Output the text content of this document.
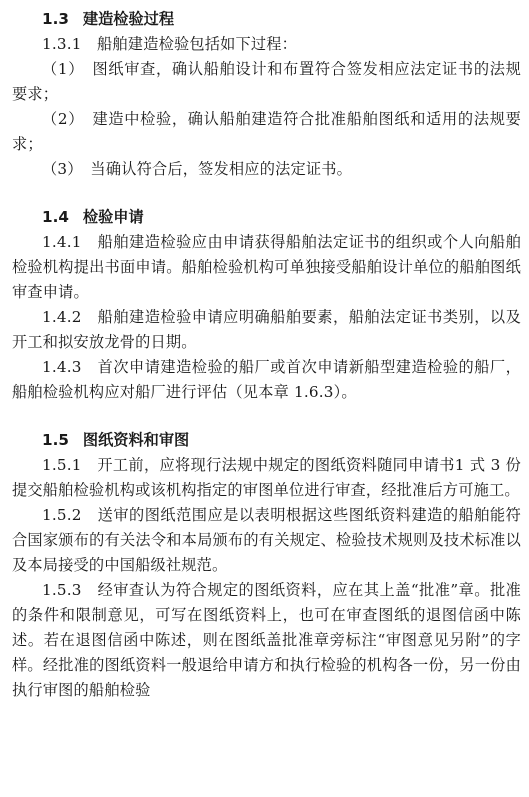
1.3 建造检验过程

1.3.1　船舶建造检验包括如下过程：

（1）　图纸审查，确认船舶设计和布置符合签发相应法定证书的法规要求；

（2）　建造中检验，确认船舶建造符合批准船舶图纸和适用的法规要求；

（3）　当确认符合后，签发相应的法定证书。

1.4 检验申请

1.4.1　船舶建造检验应由申请获得船舶法定证书的组织或个人向船舶检验机构提出书面申请。船舶检验机构可单独接受船舶设计单位的船舶图纸审查申请。

1.4.2　船舶建造检验申请应明确船舶要素，船舶法定证书类别，以及开工和拟安放龙骨的日期。

1.4.3　首次申请建造检验的船厂或首次申请新船型建造检验的船厂，船舶检验机构应对船厂进行评估（见本章 1.6.3）。

1.5 图纸资料和审图

1.5.1　开工前，应将现行法规中规定的图纸资料随同申请书1 式 3 份提交船舶检验机构或该机构指定的审图单位进行审查，经批准后方可施工。

1.5.2　送审的图纸范围应是以表明根据这些图纸资料建造的船舶能符合国家颁布的有关法令和本局颁布的有关规定、检验技术规则及技术标准以及本局接受的中国船级社规范。

1.5.3　经审查认为符合规定的图纸资料，应在其上盖“批准”章。批准的条件和限制意见，可写在图纸资料上，也可在审查图纸的退图信函中陈述。若在退图信函中陈述，则在图纸盖批准章旁标注“审图意见另附”的字样。经批准的图纸资料一般退给申请方和执行检验的机构各一份，另一份由执行审图的船舶检验
